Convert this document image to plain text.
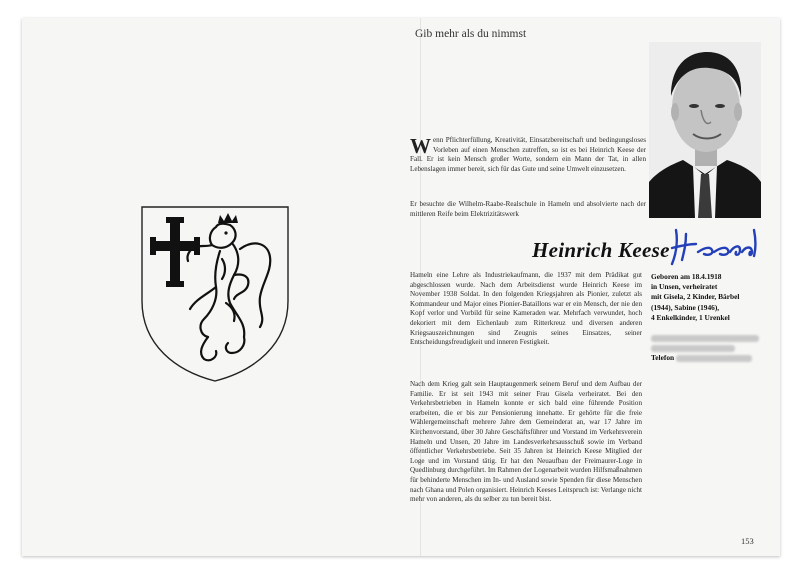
Gib mehr als du nimmst

Wenn Pflichterfüllung, Kreativität, Einsatzbereitschaft und bedingungsloses Vorleben auf einen Menschen zutreffen, so ist es bei Heinrich Keese der Fall. Er ist kein Mensch großer Worte, sondern ein Mann der Tat, in allen Lebenslagen immer bereit, sich für das Gute und seine Umwelt einzusetzen.

Er besuchte die Wilhelm-Raabe-Realschule in Hameln und absolvierte nach der mittleren Reife beim Elektrizitätswerk

Heinrich Keese
Geboren am 18.4.1918
in Unsen, verheiratet
mit Gisela, 2 Kinder, Bärbel
(1944), Sabine (1946),
4 Enkelkinder, 1 Urenkel
Telefon

Hameln eine Lehre als Industriekaufmann, die 1937 mit dem Prädikat gut abgeschlossen wurde. Nach dem Arbeitsdienst wurde Heinrich Keese im November 1938 Soldat. In den folgenden Kriegsjahren als Pionier, zuletzt als Kommandeur und Major eines Pionier-Bataillons war er ein Mensch, der nie den Kopf verlor und Vorbild für seine Kameraden war. Mehrfach verwundet, hoch dekoriert mit dem Eichenlaub zum Ritterkreuz und diversen anderen Kriegsauszeichnungen sind Zeugnis seines Einsatzes, seiner Entscheidungsfreudigkeit und inneren Festigkeit.

Nach dem Krieg galt sein Hauptaugenmerk seinem Beruf und dem Aufbau der Familie. Er ist seit 1943 mit seiner Frau Gisela verheiratet. Bei den Verkehrsbetrieben in Hameln konnte er sich bald eine führende Position erarbeiten, die er bis zur Pensionierung innehatte. Er gehörte für die freie Wählergemeinschaft mehrere Jahre dem Gemeinderat an, war 17 Jahre im Kirchenvorstand, über 30 Jahre Geschäftsführer und Vorstand im Verkehrsverein Hameln und Unsen, 20 Jahre im Landesverkehrsausschuß sowie im Verband öffentlicher Verkehrsbetriebe. Seit 35 Jahren ist Heinrich Keese Mitglied der Loge und im Vorstand tätig. Er hat den Neuaufbau der Freimaurer-Loge in Quedlinburg durchgeführt. Im Rahmen der Logenarbeit wurden Hilfsmaßnahmen für behinderte Menschen im In- und Ausland sowie Spenden für diese Menschen nach Ghana und Polen organisiert. Heinrich Keeses Leitspruch ist: Verlange nicht mehr von anderen, als du selber zu tun bereit bist.

153
